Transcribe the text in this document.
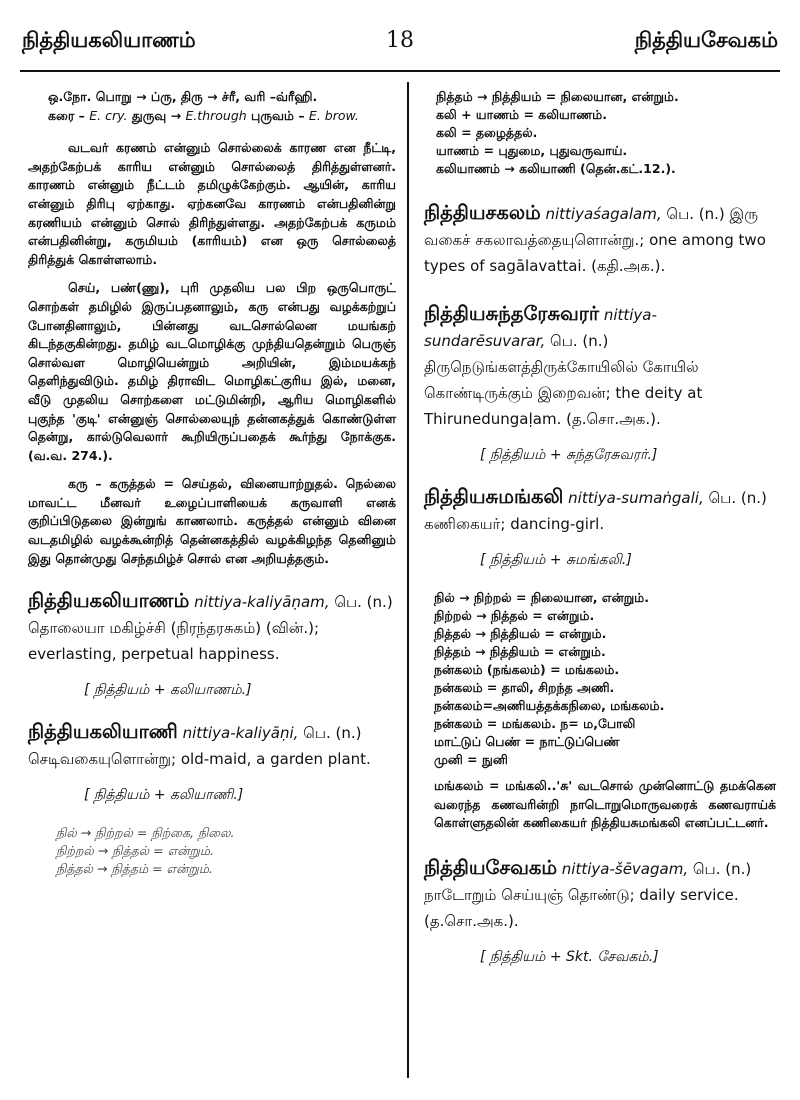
நித்தியகலியாணம்	18	நித்தியசேவகம்
ஒ.நோ. பொறு → ப்ரு, திரு → ச்ரீ, வரி –வ்ரீஹி.
கரை – E. cry. துருவு → E.through புருவம் – E. brow.
வடவர் கரணம் என்னும் சொல்லைக் காரண என நீட்டி, அதற்கேற்பக் காரிய என்னும் சொல்லைத் திரித்துள்ளனர். காரணம் என்னும் நீட்டம் தமிழுக்கேற்கும். ஆயின், காரிய என்னும் திரிபு ஏற்காது. ஏற்கனவே காரணம் என்பதினின்று கரணியம் என்னும் சொல் திரிந்துள்ளது. அதற்கேற்பக் கருமம் என்பதினின்று, கருமியம் (காரியம்) என ஒரு சொல்லைத் திரித்துக் கொள்ளலாம்.
செய், பண்(ணு), புரி முதலிய பல பிற ஒருபொருட் சொற்கள் தமிழில் இருப்பதனாலும், கரு என்பது வழக்கற்றுப் போனதினாலும், பின்னது வடசொல்லென மயங்கற் கிடந்தகுகின்றது. தமிழ் வடமொழிக்கு முந்தியதென்றும் பெருஞ் சொல்வள மொழியென்றும் அறியின், இம்மயக்கந் தெளிந்துவிடும். தமிழ் திராவிட மொழிகட்குரிய இல், மனை, வீடு முதலிய சொற்களை மட்டுமின்றி, ஆரிய மொழிகளில் புகுந்த 'குடி' என்னுஞ் சொல்லையுந் தன்னகத்துக் கொண்டுள்ள தென்று, கால்டுவெலார் கூறியிருப்பதைக் கூர்ந்து நோக்குக. (வ.வ. 274.).
கரு – கருத்தல் = செய்தல், வினையாற்றுதல். நெல்லை மாவட்ட மீனவர் உழைப்பாளியைக் கருவாளி எனக் குறிப்பிடுதலை இன்றுங் காணலாம். கருத்தல் என்னும் வினை வடதமிழில் வழக்கூன்றித் தென்னகத்தில் வழக்கிழந்த தெனினும் இது தொன்முது செந்தமிழ்ச் சொல் என அறியத்தகும்.
நித்தியகலியாணம் nittiya-kaliyāṇam, பெ. (n.) தொலையா மகிழ்ச்சி (நிரந்தரசுகம்) (வின்.); everlasting, perpetual happiness.
[ நித்தியம் + கலியாணம்.]
நித்தியகலியாணி nittiya-kaliyāṇi, பெ. (n.) செடிவகையுளொன்று; old-maid, a garden plant.
[ நித்தியம் + கலியாணி.]
நில் → நிற்றல் = நிற்கை, நிலை.
நிற்றல் → நித்தல் = என்றும்.
நித்தல் → நித்தம் = என்றும்.
நித்தம் → நித்தியம் = நிலையான, என்றும்.
கலி + யாணம் = கலியாணம்.
கலி = தழைத்தல்.
யாணம் = புதுமை, புதுவருவாய்.
கலியாணம் → கலியாணி (தென்.கட்.12.).
நித்தியசகலம் nittiyaśagalam, பெ. (n.) இரு வகைச் சகலாவத்தையுளொன்று.; one among two types of sagālavattai. (கதி.அக.).
நித்தியசுந்தரேசுவரர் nittiya-sundarēsuvarar, பெ. (n.) திருநெடுங்களத்திருக்கோயிலில் கோயில் கொண்டிருக்கும் இறைவன்; the deity at Thirunedungaḷam. (த.சொ.அக.).
[ நித்தியம் + சுந்தரேசுவரர்.]
நித்தியசுமங்கலி nittiya-sumaṅgali, பெ. (n.) கணிகையர்; dancing-girl.
[ நித்தியம் + சுமங்கலி.]
நில் → நிற்றல் = நிலையான, என்றும்.
நிற்றல் → நித்தல் = என்றும்.
நித்தல் → நித்தியல் = என்றும்.
நித்தம் → நித்தியம் = என்றும்.
நன்கலம் (நங்கலம்) = மங்கலம்.
நன்கலம் = தாலி, சிறந்த அணி.
நன்கலம்=அணியத்தக்கநிலை, மங்கலம்.
நன்கலம் = மங்கலம். ந= ம,போலி
மாட்டுப் பெண் = நாட்டுப்பெண்
முனி = நுனி
மங்கலம் = மங்கலி..'சு' வடசொல் முன்னொட்டு தமக்கென வரைந்த கணவரின்றி நாடொறுமொருவரைக் கணவராய்க் கொள்ளுதலின் கணிகையர் நித்தியசுமங்கலி எனப்பட்டனர்.
நித்தியசேவகம் nittiya-šēvagam, பெ. (n.) நாடோறும் செய்யுஞ் தொண்டு; daily service. (த.சொ.அக.).
[ நித்தியம் + Skt. சேவகம்.]
